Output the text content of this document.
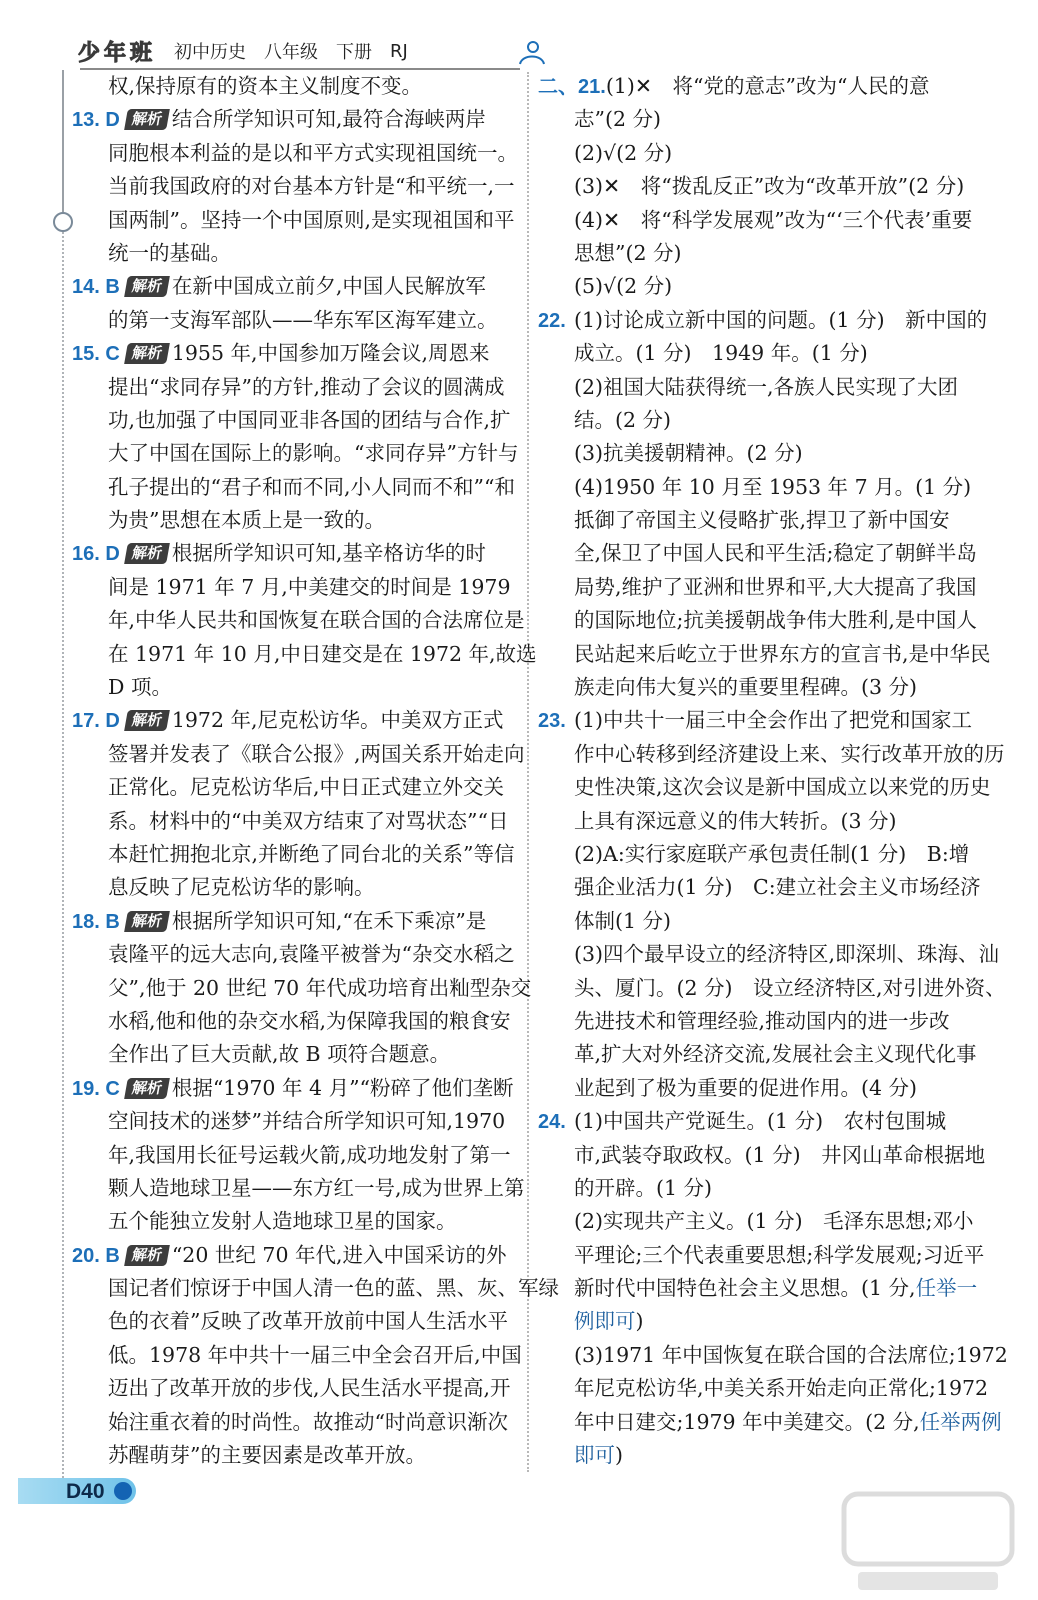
少年班 初中历史 八年级 下册 RJ
权,保持原有的资本主义制度不变。
13. D 解析 结合所学知识可知,最符合海峡两岸
同胞根本利益的是以和平方式实现祖国统一。
当前我国政府的对台基本方针是“和平统一,一
国两制”。坚持一个中国原则,是实现祖国和平
统一的基础。
14. B 解析 在新中国成立前夕,中国人民解放军
的第一支海军部队——华东军区海军建立。
15. C 解析 1955 年,中国参加万隆会议,周恩来
提出“求同存异”的方针,推动了会议的圆满成
功,也加强了中国同亚非各国的团结与合作,扩
大了中国在国际上的影响。“求同存异”方针与
孔子提出的“君子和而不同,小人同而不和”“和
为贵”思想在本质上是一致的。
16. D 解析 根据所学知识可知,基辛格访华的时
间是 1971 年 7 月,中美建交的时间是 1979
年,中华人民共和国恢复在联合国的合法席位是
在 1971 年 10 月,中日建交是在 1972 年,故选
D 项。
17. D 解析 1972 年,尼克松访华。中美双方正式
签署并发表了《联合公报》,两国关系开始走向
正常化。尼克松访华后,中日正式建立外交关
系。材料中的“中美双方结束了对骂状态”“日
本赶忙拥抱北京,并断绝了同台北的关系”等信
息反映了尼克松访华的影响。
18. B 解析 根据所学知识可知,“在禾下乘凉”是
袁隆平的远大志向,袁隆平被誉为“杂交水稻之
父”,他于 20 世纪 70 年代成功培育出籼型杂交
水稻,他和他的杂交水稻,为保障我国的粮食安
全作出了巨大贡献,故 B 项符合题意。
19. C 解析 根据“1970 年 4 月”“粉碎了他们垄断
空间技术的迷梦”并结合所学知识可知,1970
年,我国用长征号运载火箭,成功地发射了第一
颗人造地球卫星——东方红一号,成为世界上第
五个能独立发射人造地球卫星的国家。
20. B 解析 “20 世纪 70 年代,进入中国采访的外
国记者们惊讶于中国人清一色的蓝、黑、灰、军绿
色的衣着”反映了改革开放前中国人生活水平
低。1978 年中共十一届三中全会召开后,中国
迈出了改革开放的步伐,人民生活水平提高,开
始注重衣着的时尚性。故推动“时尚意识渐次
苏醒萌芽”的主要因素是改革开放。
二、21.(1)✕　将“党的意志”改为“人民的意
志”(2 分)
(2)√(2 分)
(3)✕　将“拨乱反正”改为“改革开放”(2 分)
(4)✕　将“科学发展观”改为“‘三个代表’重要
思想”(2 分)
(5)√(2 分)
22. (1)讨论成立新中国的问题。(1 分)　新中国的
成立。(1 分)　1949 年。(1 分)
(2)祖国大陆获得统一,各族人民实现了大团
结。(2 分)
(3)抗美援朝精神。(2 分)
(4)1950 年 10 月至 1953 年 7 月。(1 分)
抵御了帝国主义侵略扩张,捍卫了新中国安
全,保卫了中国人民和平生活;稳定了朝鲜半岛
局势,维护了亚洲和世界和平,大大提高了我国
的国际地位;抗美援朝战争伟大胜利,是中国人
民站起来后屹立于世界东方的宣言书,是中华民
族走向伟大复兴的重要里程碑。(3 分)
23. (1)中共十一届三中全会作出了把党和国家工
作中心转移到经济建设上来、实行改革开放的历
史性决策,这次会议是新中国成立以来党的历史
上具有深远意义的伟大转折。(3 分)
(2)A:实行家庭联产承包责任制(1 分)　B:增
强企业活力(1 分)　C:建立社会主义市场经济
体制(1 分)
(3)四个最早设立的经济特区,即深圳、珠海、汕
头、厦门。(2 分)　设立经济特区,对引进外资、
先进技术和管理经验,推动国内的进一步改
革,扩大对外经济交流,发展社会主义现代化事
业起到了极为重要的促进作用。(4 分)
24. (1)中国共产党诞生。(1 分)　农村包围城
市,武装夺取政权。(1 分)　井冈山革命根据地
的开辟。(1 分)
(2)实现共产主义。(1 分)　毛泽东思想;邓小
平理论;三个代表重要思想;科学发展观;习近平
新时代中国特色社会主义思想。(1 分,任举一
例即可)
(3)1971 年中国恢复在联合国的合法席位;1972
年尼克松访华,中美关系开始走向正常化;1972
年中日建交;1979 年中美建交。(2 分,任举两例
即可)
D40
